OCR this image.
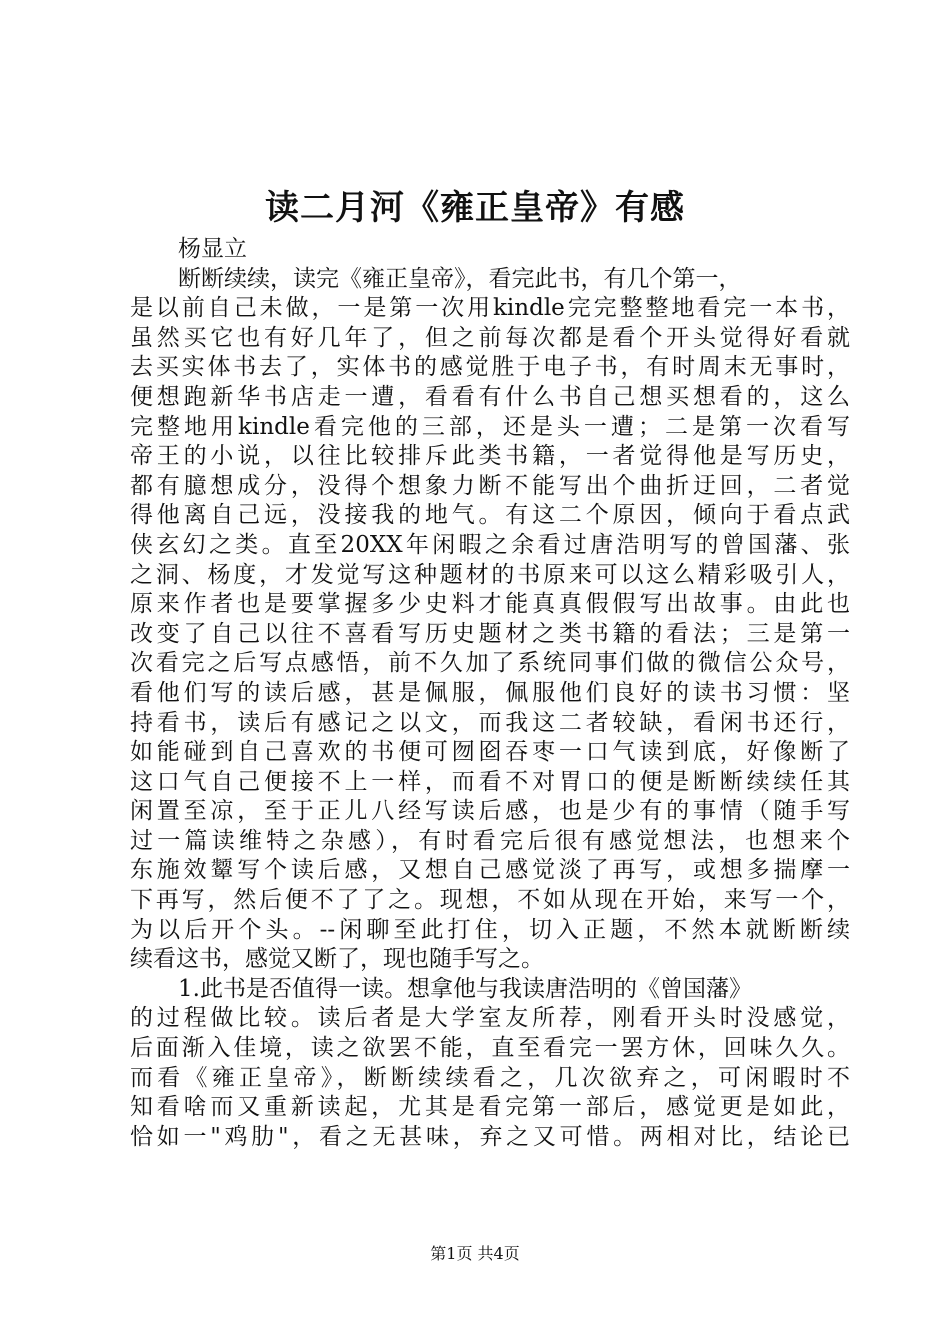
读二月河《雍正皇帝》有感
杨显立
断断续续，读完《雍正皇帝》，看完此书，有几个第一，
是以前自己未做，一是第一次用kindle完完整整地看完一本书，
虽然买它也有好几年了，但之前每次都是看个开头觉得好看就
去买实体书去了，实体书的感觉胜于电子书，有时周末无事时，
便想跑新华书店走一遭，看看有什么书自己想买想看的，这么
完整地用kindle看完他的三部，还是头一遭；二是第一次看写
帝王的小说，以往比较排斥此类书籍，一者觉得他是写历史，
都有臆想成分，没得个想象力断不能写出个曲折迂回，二者觉
得他离自己远，没接我的地气。有这二个原因，倾向于看点武
侠玄幻之类。直至20XX年闲暇之余看过唐浩明写的曾国藩、张
之洞、杨度，才发觉写这种题材的书原来可以这么精彩吸引人，
原来作者也是要掌握多少史料才能真真假假写出故事。由此也
改变了自己以往不喜看写历史题材之类书籍的看法；三是第一
次看完之后写点感悟，前不久加了系统同事们做的微信公众号，
看他们写的读后感，甚是佩服，佩服他们良好的读书习惯：坚
持看书，读后有感记之以文，而我这二者较缺，看闲书还行，
如能碰到自己喜欢的书便可囫囵吞枣一口气读到底，好像断了
这口气自己便接不上一样，而看不对胃口的便是断断续续任其
闲置至凉，至于正儿八经写读后感，也是少有的事情（随手写
过一篇读维特之杂感），有时看完后很有感觉想法，也想来个
东施效颦写个读后感，又想自己感觉淡了再写，或想多揣摩一
下再写，然后便不了了之。现想，不如从现在开始，来写一个，
为以后开个头。--闲聊至此打住，切入正题，不然本就断断续
续看这书，感觉又断了，现也随手写之。
1.此书是否值得一读。想拿他与我读唐浩明的《曾国藩》
的过程做比较。读后者是大学室友所荐，刚看开头时没感觉，
后面渐入佳境，读之欲罢不能，直至看完一罢方休，回味久久。
而看《雍正皇帝》，断断续续看之，几次欲弃之，可闲暇时不
知看啥而又重新读起，尤其是看完第一部后，感觉更是如此，
恰如一"鸡肋"，看之无甚味，弃之又可惜。两相对比，结论已
第1页 共4页
